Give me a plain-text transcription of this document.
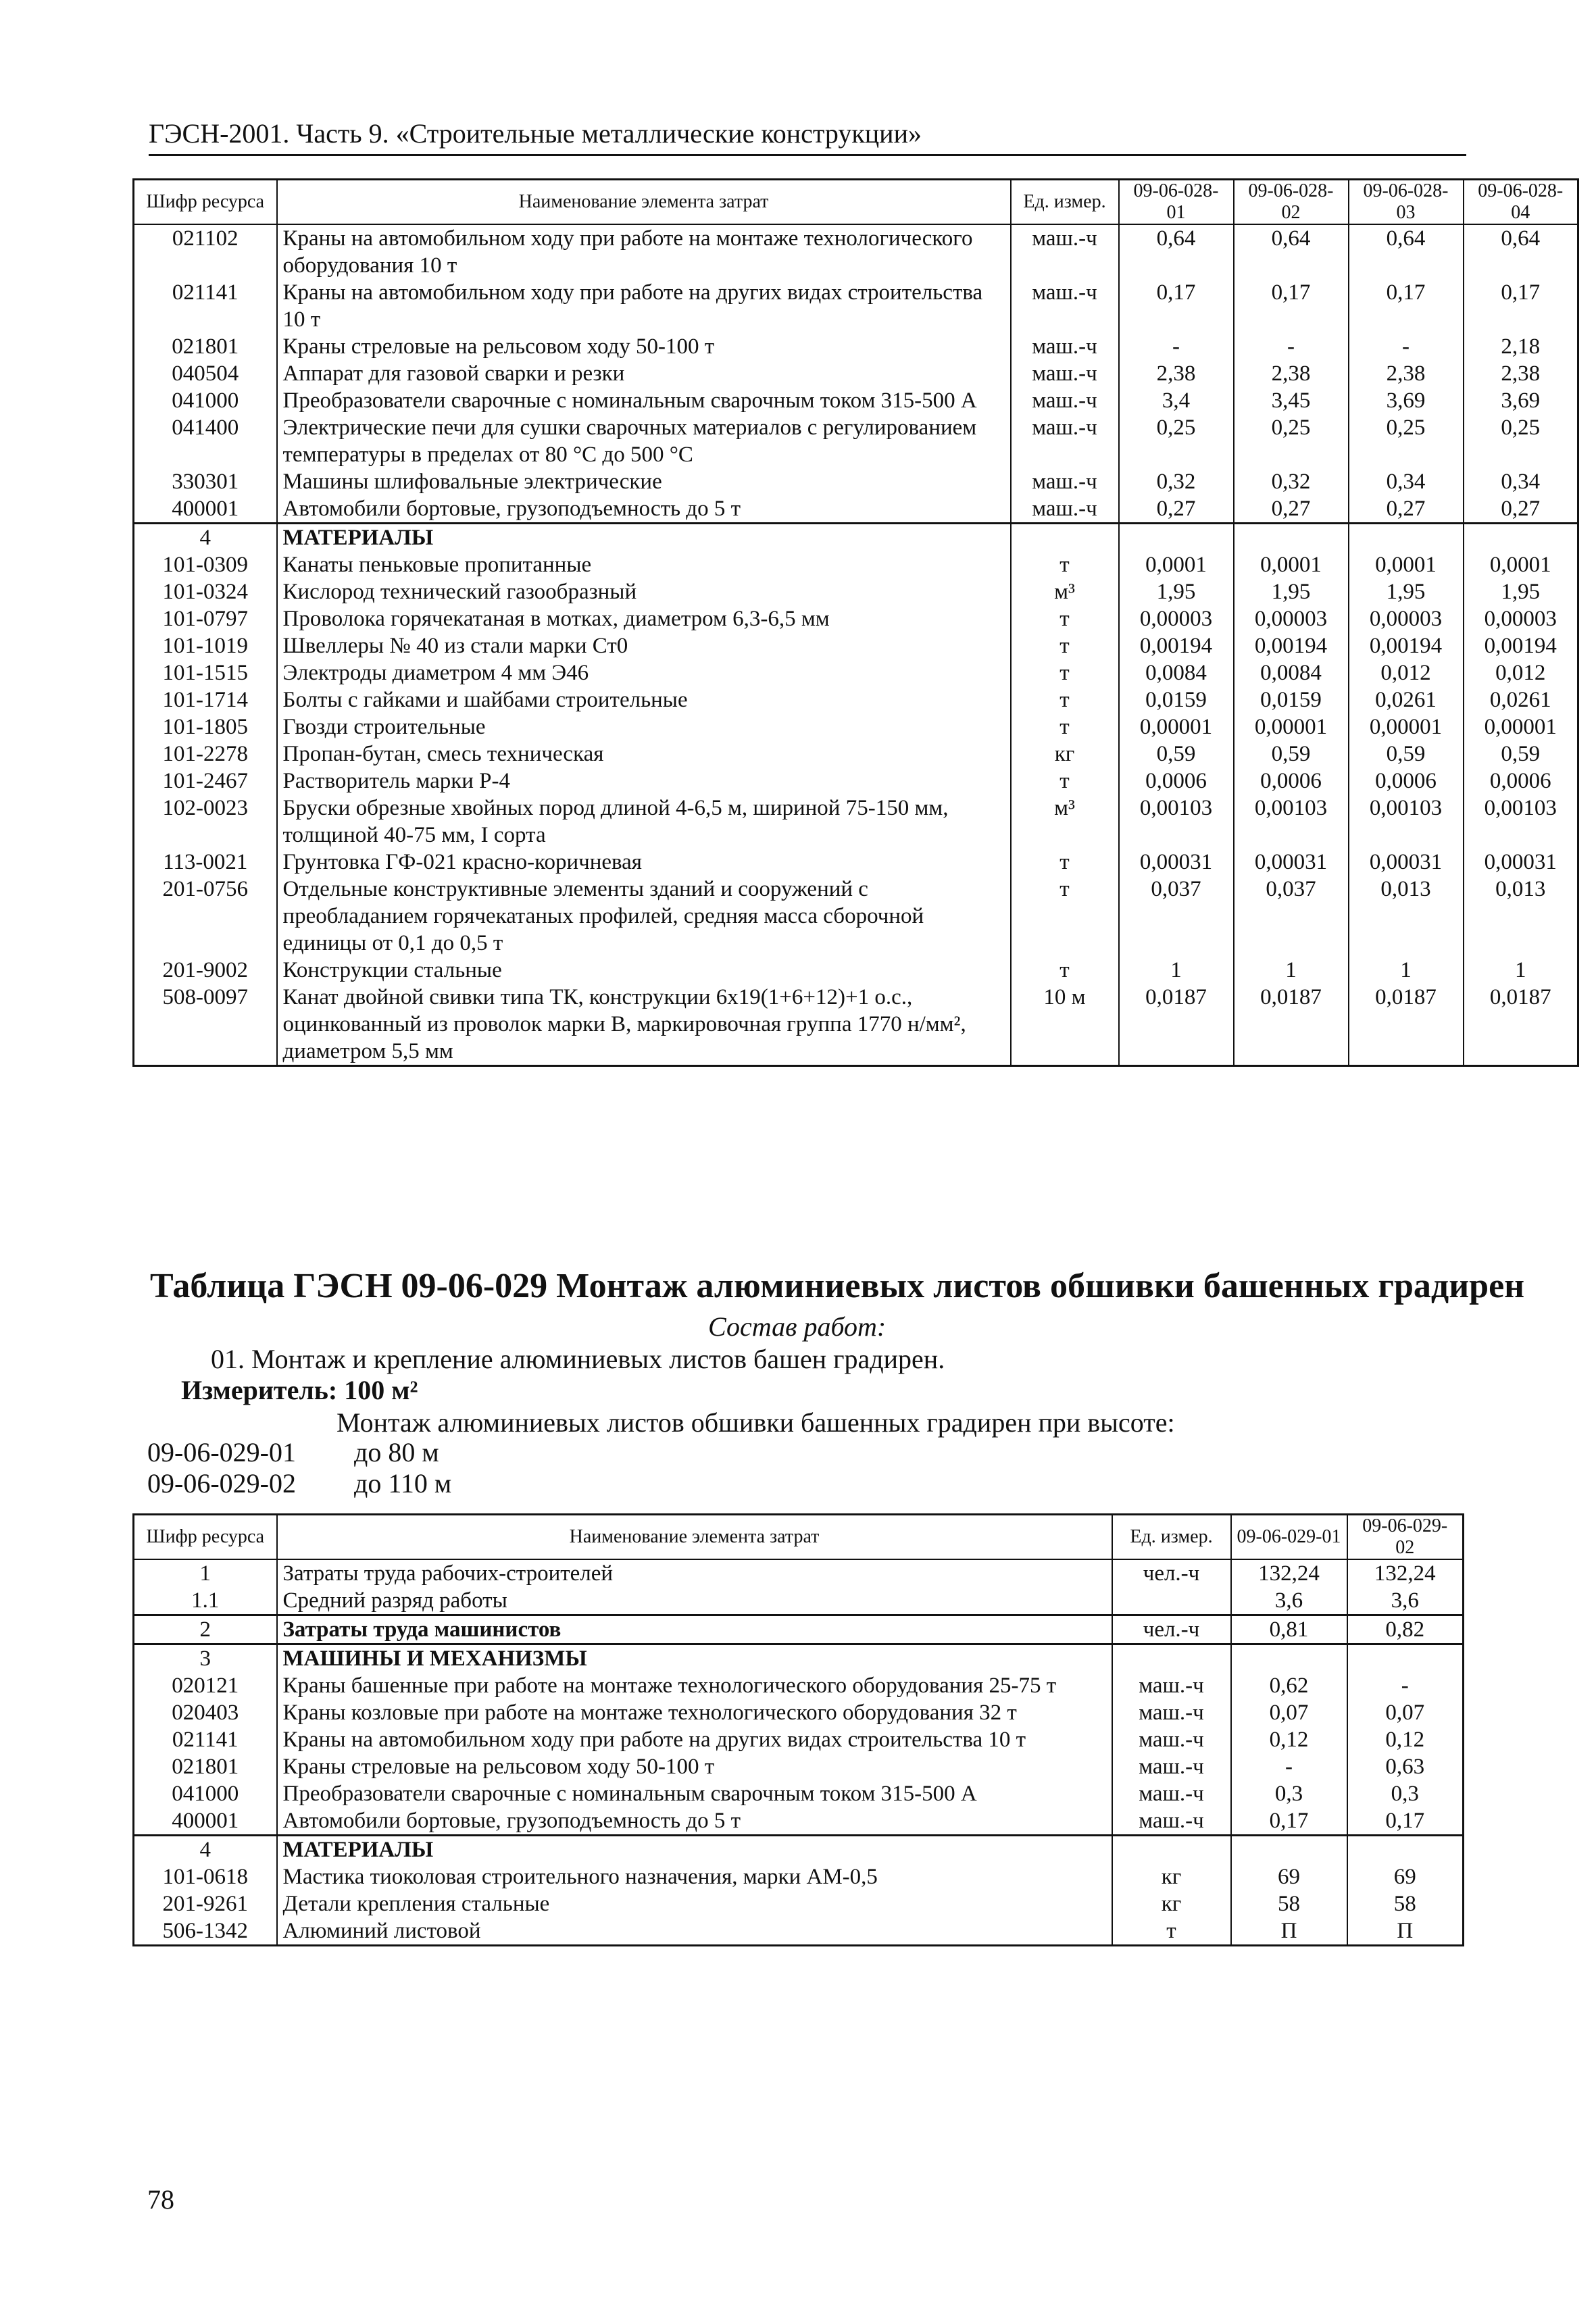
ГЭСН-2001. Часть 9. «Строительные металлические конструкции»
Шифр ресурса	Наименование элемента затрат	Ед. измер.	09-06-028-01	09-06-028-02	09-06-028-03	09-06-028-04
021102	Краны на автомобильном ходу при работе на монтаже технологического оборудования 10 т	маш.-ч	0,64	0,64	0,64	0,64
021141	Краны на автомобильном ходу при работе на других видах строительства 10 т	маш.-ч	0,17	0,17	0,17	0,17
021801	Краны стреловые на рельсовом ходу 50-100 т	маш.-ч	-	-	-	2,18
040504	Аппарат для газовой сварки и резки	маш.-ч	2,38	2,38	2,38	2,38
041000	Преобразователи сварочные с номинальным сварочным током 315-500 А	маш.-ч	3,4	3,45	3,69	3,69
041400	Электрические печи для сушки сварочных материалов с регулированием температуры в пределах от 80 °С до 500 °С	маш.-ч	0,25	0,25	0,25	0,25
330301	Машины шлифовальные электрические	маш.-ч	0,32	0,32	0,34	0,34
400001	Автомобили бортовые, грузоподъемность до 5 т	маш.-ч	0,27	0,27	0,27	0,27
4	МАТЕРИАЛЫ					
101-0309	Канаты пеньковые пропитанные	т	0,0001	0,0001	0,0001	0,0001
101-0324	Кислород технический газообразный	м³	1,95	1,95	1,95	1,95
101-0797	Проволока горячекатаная в мотках, диаметром 6,3-6,5 мм	т	0,00003	0,00003	0,00003	0,00003
101-1019	Швеллеры № 40 из стали марки Ст0	т	0,00194	0,00194	0,00194	0,00194
101-1515	Электроды диаметром 4 мм Э46	т	0,0084	0,0084	0,012	0,012
101-1714	Болты с гайками и шайбами строительные	т	0,0159	0,0159	0,0261	0,0261
101-1805	Гвозди строительные	т	0,00001	0,00001	0,00001	0,00001
101-2278	Пропан-бутан, смесь техническая	кг	0,59	0,59	0,59	0,59
101-2467	Растворитель марки Р-4	т	0,0006	0,0006	0,0006	0,0006
102-0023	Бруски обрезные хвойных пород длиной 4-6,5 м, шириной 75-150 мм, толщиной 40-75 мм, I сорта	м³	0,00103	0,00103	0,00103	0,00103
113-0021	Грунтовка ГФ-021 красно-коричневая	т	0,00031	0,00031	0,00031	0,00031
201-0756	Отдельные конструктивные элементы зданий и сооружений с преобладанием горячекатаных профилей, средняя масса сборочной единицы от 0,1 до 0,5 т	т	0,037	0,037	0,013	0,013
201-9002	Конструкции стальные	т	1	1	1	1
508-0097	Канат двойной свивки типа ТК, конструкции 6х19(1+6+12)+1 о.с., оцинкованный из проволок марки В, маркировочная группа 1770 н/мм², диаметром 5,5 мм	10 м	0,0187	0,0187	0,0187	0,0187
Таблица ГЭСН 09-06-029 Монтаж алюминиевых листов обшивки башенных градирен
Состав работ:
01. Монтаж и крепление алюминиевых листов башен градирен.
Измеритель: 100 м²
Монтаж алюминиевых листов обшивки башенных градирен при высоте:
09-06-029-01 до 80 м
09-06-029-02 до 110 м
Шифр ресурса	Наименование элемента затрат	Ед. измер.	09-06-029-01	09-06-029-02
1	Затраты труда рабочих-строителей	чел.-ч	132,24	132,24
1.1	Средний разряд работы		3,6	3,6
2	Затраты труда машинистов	чел.-ч	0,81	0,82
3	МАШИНЫ И МЕХАНИЗМЫ			
020121	Краны башенные при работе на монтаже технологического оборудования 25-75 т	маш.-ч	0,62	-
020403	Краны козловые при работе на монтаже технологического оборудования 32 т	маш.-ч	0,07	0,07
021141	Краны на автомобильном ходу при работе на других видах строительства 10 т	маш.-ч	0,12	0,12
021801	Краны стреловые на рельсовом ходу 50-100 т	маш.-ч	-	0,63
041000	Преобразователи сварочные с номинальным сварочным током 315-500 А	маш.-ч	0,3	0,3
400001	Автомобили бортовые, грузоподъемность до 5 т	маш.-ч	0,17	0,17
4	МАТЕРИАЛЫ			
101-0618	Мастика тиоколовая строительного назначения, марки АМ-0,5	кг	69	69
201-9261	Детали крепления стальные	кг	58	58
506-1342	Алюминий листовой	т	П	П
78
